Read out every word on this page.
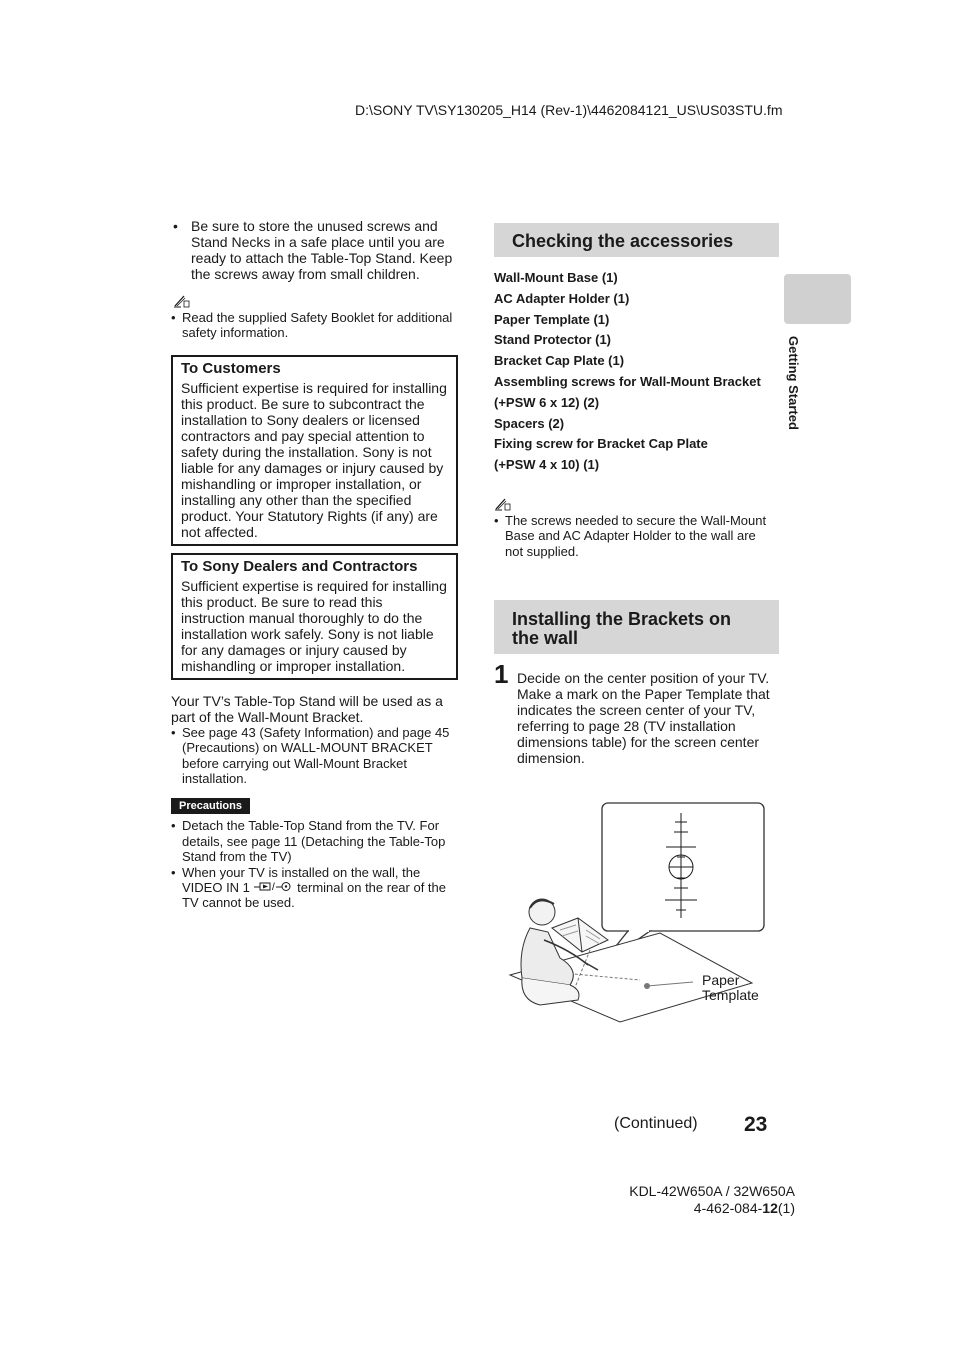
D:\SONY TV\SY130205_H14 (Rev-1)\4462084121_US\US03STU.fm
• Be sure to store the unused screws and Stand Necks in a safe place until you are ready to attach the Table-Top Stand. Keep the screws away from small children.
• Read the supplied Safety Booklet for additional safety information.
To Customers
Sufficient expertise is required for installing this product. Be sure to subcontract the installation to Sony dealers or licensed contractors and pay special attention to safety during the installation. Sony is not liable for any damages or injury caused by mishandling or improper installation, or installing any other than the specified product. Your Statutory Rights (if any) are not affected.
To Sony Dealers and Contractors
Sufficient expertise is required for installing this product. Be sure to read this instruction manual thoroughly to do the installation work safely. Sony is not liable for any damages or injury caused by mishandling or improper installation.
Your TV’s Table-Top Stand will be used as a part of the Wall-Mount Bracket.
• See page 43 (Safety Information) and page 45 (Precautions) on WALL-MOUNT BRACKET before carrying out Wall-Mount Bracket installation.
Precautions
• Detach the Table-Top Stand from the TV. For details, see page 11 (Detaching the Table-Top Stand from the TV)
• When your TV is installed on the wall, the VIDEO IN 1 / terminal on the rear of the TV cannot be used.
Checking the accessories
Wall-Mount Base (1)
AC Adapter Holder (1)
Paper Template (1)
Stand Protector (1)
Bracket Cap Plate (1)
Assembling screws for Wall-Mount Bracket
(+PSW 6 x 12) (2)
Spacers (2)
Fixing screw for Bracket Cap Plate
(+PSW 4 x 10) (1)
• The screws needed to secure the Wall-Mount Base and AC Adapter Holder to the wall are not supplied.
Installing the Brackets on the wall
1 Decide on the center position of your TV. Make a mark on the Paper Template that indicates the screen center of your TV, referring to page 28 (TV installation dimensions table) for the screen center dimension.
Paper
Template
Getting Started
(Continued) 23
KDL-42W650A / 32W650A
4-462-084-12(1)
